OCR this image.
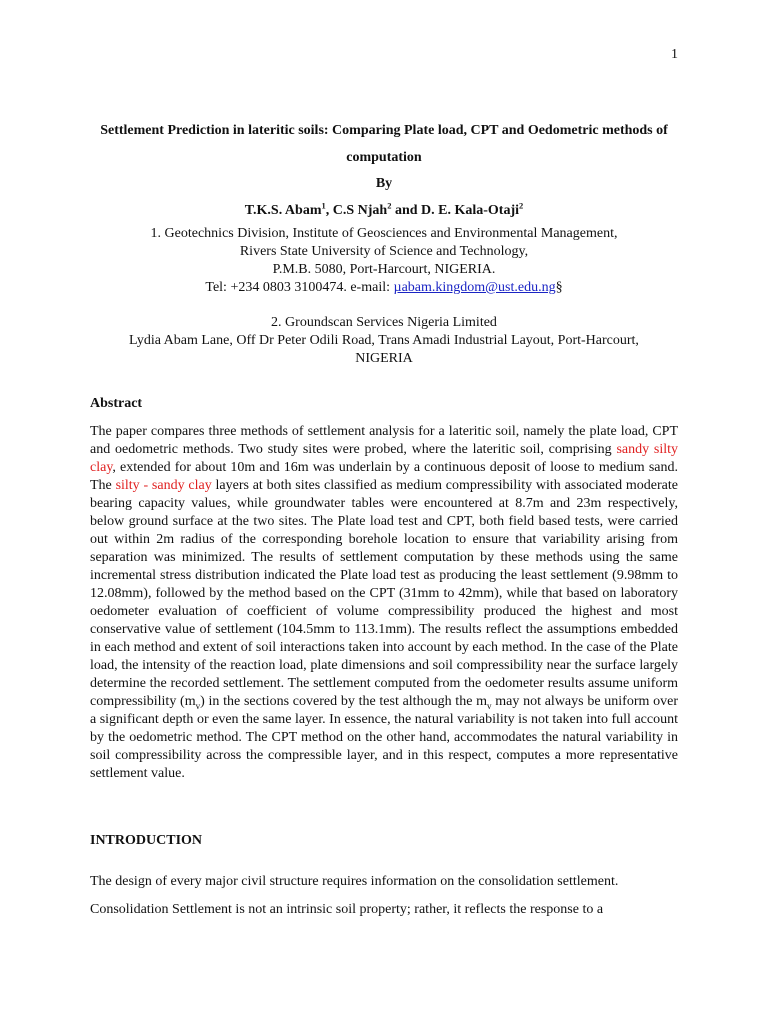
1
Settlement Prediction in lateritic soils: Comparing Plate load, CPT and Oedometric methods of computation
By
T.K.S. Abam$^1$, C.S Njah$^2$ and D. E. Kala-Otaji$^2$
1. Geotechnics Division, Institute of Geosciences and Environmental Management,
Rivers State University of Science and Technology,
P.M.B. 5080, Port-Harcourt, NIGERIA.
Tel: +234 0803 3100474. e-mail: µabam.kingdom@ust.edu.ng§
2. Groundscan Services Nigeria Limited
Lydia Abam Lane, Off Dr Peter Odili Road, Trans Amadi Industrial Layout, Port-Harcourt,
NIGERIA
Abstract
The paper compares three methods of settlement analysis for a lateritic soil, namely the plate load, CPT and oedometric methods. Two study sites were probed, where the lateritic soil, comprising sandy silty clay, extended for about 10m and 16m was underlain by a continuous deposit of loose to medium sand. The silty - sandy clay layers at both sites classified as medium compressibility with associated moderate bearing capacity values, while groundwater tables were encountered at 8.7m and 23m respectively, below ground surface at the two sites. The Plate load test and CPT, both field based tests, were carried out within 2m radius of the corresponding borehole location to ensure that variability arising from separation was minimized. The results of settlement computation by these methods using the same incremental stress distribution indicated the Plate load test as producing the least settlement (9.98mm to 12.08mm), followed by the method based on the CPT (31mm to 42mm), while that based on laboratory oedometer evaluation of coefficient of volume compressibility produced the highest and most conservative value of settlement (104.5mm to 113.1mm). The results reflect the assumptions embedded in each method and extent of soil interactions taken into account by each method. In the case of the Plate load, the intensity of the reaction load, plate dimensions and soil compressibility near the surface largely determine the recorded settlement. The settlement computed from the oedometer results assume uniform compressibility $(m_v)$ in the sections covered by the test although the $m_v$ may not always be uniform over a significant depth or even the same layer. In essence, the natural variability is not taken into full account by the oedometric method. The CPT method on the other hand, accommodates the natural variability in soil compressibility across the compressible layer, and in this respect, computes a more representative settlement value.
INTRODUCTION

The design of every major civil structure requires information on the consolidation settlement.

Consolidation Settlement is not an intrinsic soil property; rather, it reflects the response to a
